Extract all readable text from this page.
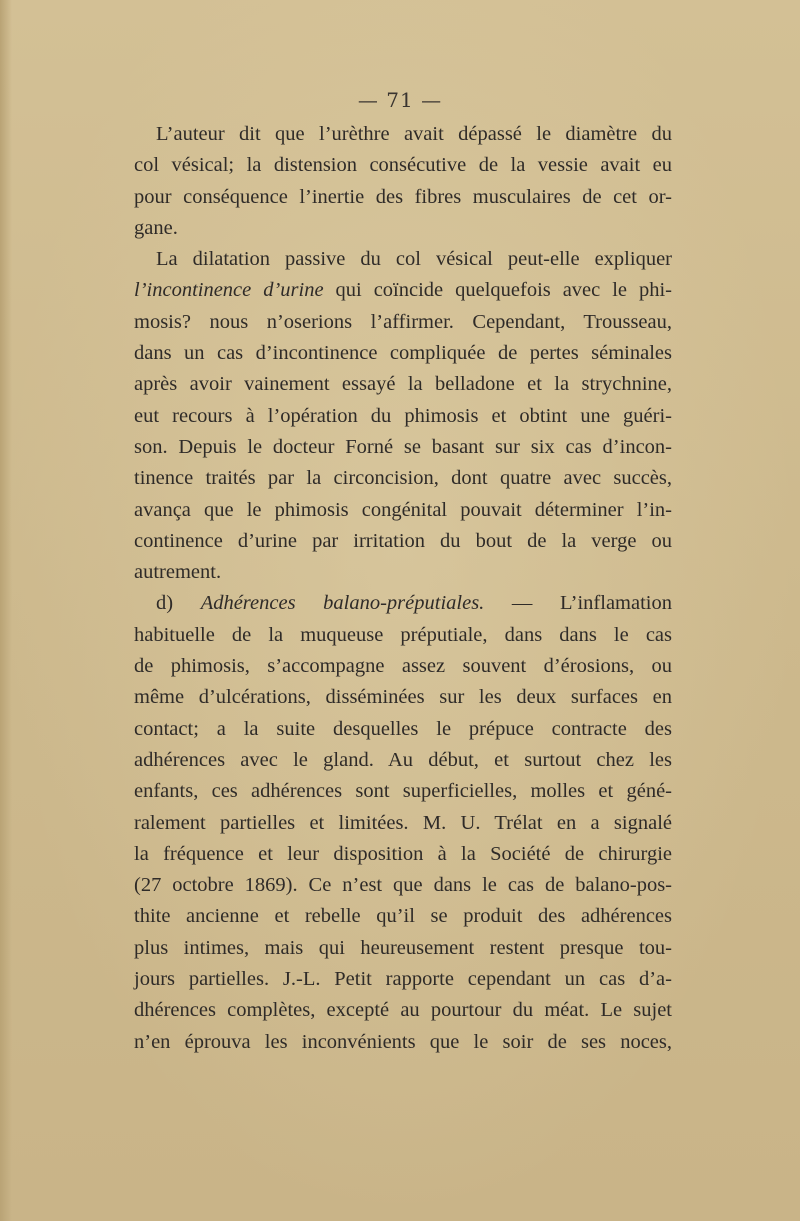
— 71 —
L’auteur dit que l’urèthre avait dépassé le diamètre du
col vésical; la distension consécutive de la vessie avait eu
pour conséquence l’inertie des fibres musculaires de cet or-
gane.
La dilatation passive du col vésical peut-elle expliquer
l’incontinence d’urine qui coïncide quelquefois avec le phi-
mosis? nous n’oserions l’affirmer. Cependant, Trousseau,
dans un cas d’incontinence compliquée de pertes séminales
après avoir vainement essayé la belladone et la strychnine,
eut recours à l’opération du phimosis et obtint une guéri-
son. Depuis le docteur Forné se basant sur six cas d’incon-
tinence traités par la circoncision, dont quatre avec succès,
avança que le phimosis congénital pouvait déterminer l’in-
continence d’urine par irritation du bout de la verge ou
autrement.
d) Adhérences balano-préputiales. — L’inflamation
habituelle de la muqueuse préputiale, dans dans le cas
de phimosis, s’accompagne assez souvent d’érosions, ou
même d’ulcérations, disséminées sur les deux surfaces en
contact; a la suite desquelles le prépuce contracte des
adhérences avec le gland. Au début, et surtout chez les
enfants, ces adhérences sont superficielles, molles et géné-
ralement partielles et limitées. M. U. Trélat en a signalé
la fréquence et leur disposition à la Société de chirurgie
(27 octobre 1869). Ce n’est que dans le cas de balano-pos-
thite ancienne et rebelle qu’il se produit des adhérences
plus intimes, mais qui heureusement restent presque tou-
jours partielles. J.-L. Petit rapporte cependant un cas d’a-
dhérences complètes, excepté au pourtour du méat. Le sujet
n’en éprouva les inconvénients que le soir de ses noces,
